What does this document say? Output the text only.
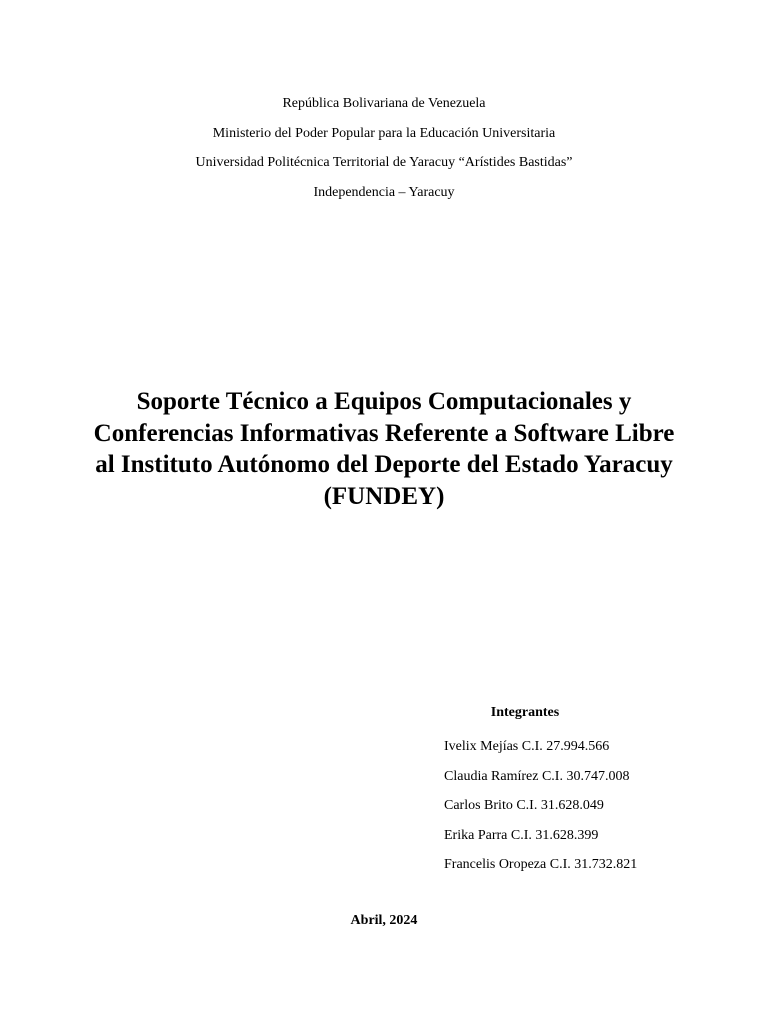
República Bolivariana de Venezuela
Ministerio del Poder Popular para la Educación Universitaria
Universidad Politécnica Territorial de Yaracuy “Arístides Bastidas”
Independencia – Yaracuy
Soporte Técnico a Equipos Computacionales y
Conferencias Informativas Referente a Software Libre
al Instituto Autónomo del Deporte del Estado Yaracuy
(FUNDEY)
Integrantes
Ivelix Mejías C.I. 27.994.566
Claudia Ramírez C.I. 30.747.008
Carlos Brito C.I. 31.628.049
Erika Parra C.I. 31.628.399
Francelis Oropeza C.I. 31.732.821
Abril, 2024
